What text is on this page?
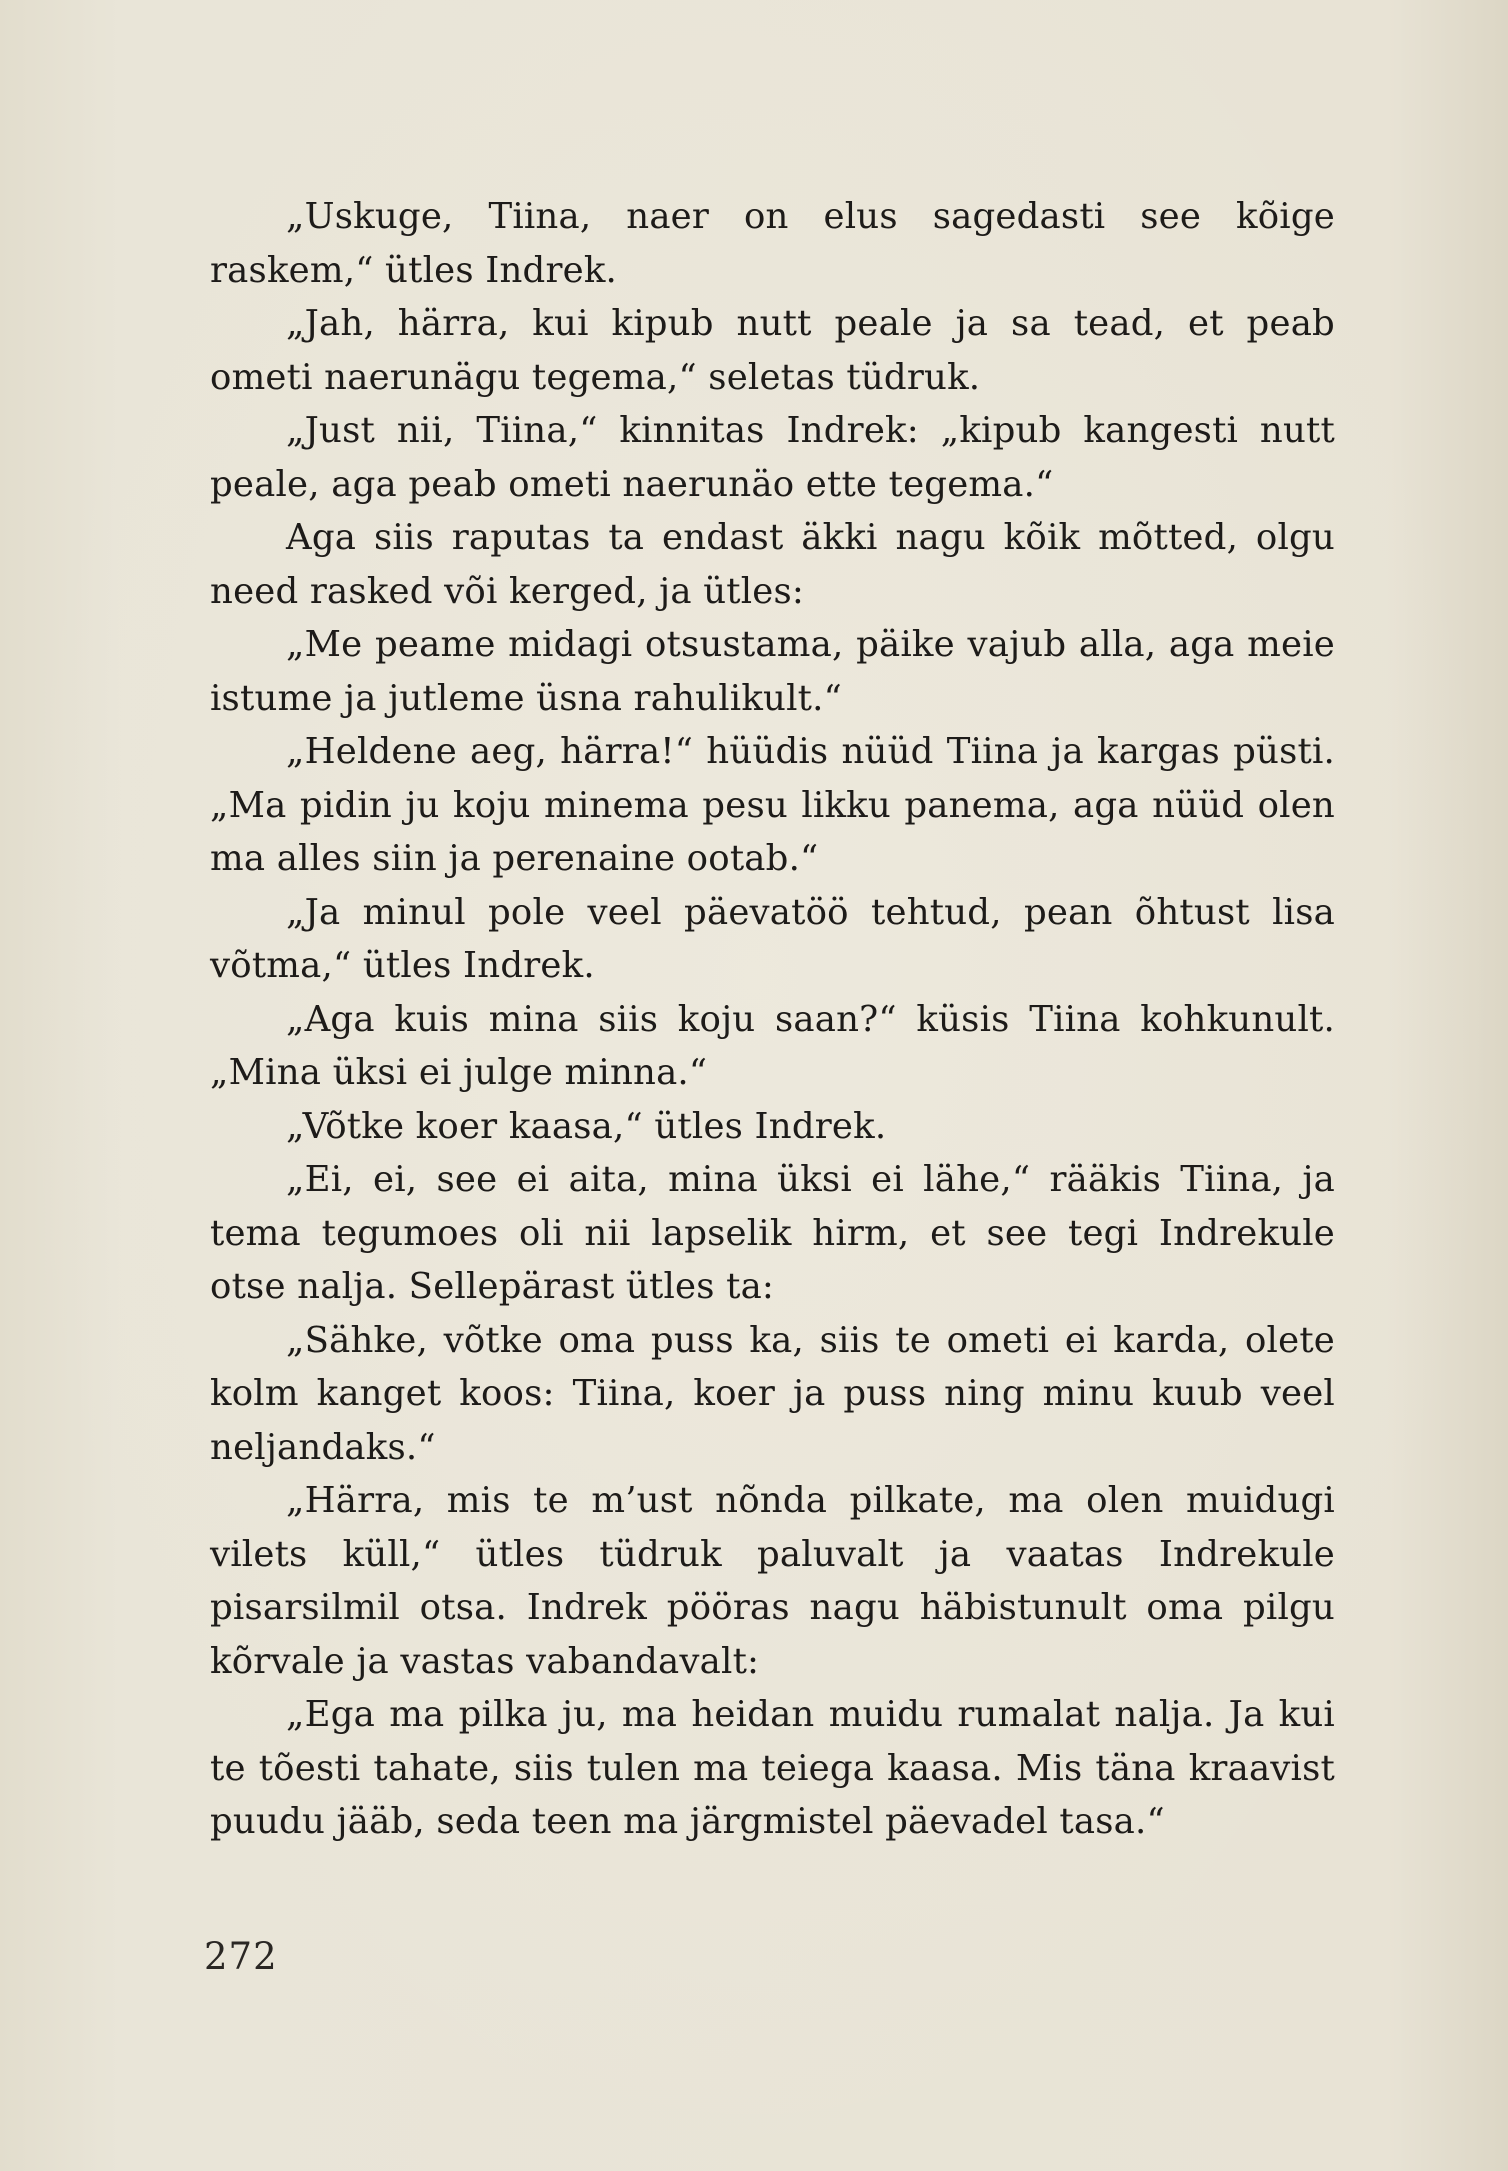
„Uskuge, Tiina, naer on elus sagedasti see kõige raskem,“ ütles Indrek.

„Jah, härra, kui kipub nutt peale ja sa tead, et peab ometi naerunägu tegema,“ seletas tüdruk.

„Just nii, Tiina,“ kinnitas Indrek: „kipub kangesti nutt peale, aga peab ometi naerunäo ette tegema.“

Aga siis raputas ta endast äkki nagu kõik mõtted, olgu need rasked või kerged, ja ütles:

„Me peame midagi otsustama, päike vajub alla, aga meie istume ja jutleme üsna rahulikult.“

„Heldene aeg, härra!“ hüüdis nüüd Tiina ja kargas püsti. „Ma pidin ju koju minema pesu likku panema, aga nüüd olen ma alles siin ja perenaine ootab.“

„Ja minul pole veel päevatöö tehtud, pean õhtust lisa võtma,“ ütles Indrek.

„Aga kuis mina siis koju saan?“ küsis Tiina kohkunult. „Mina üksi ei julge minna.“

„Võtke koer kaasa,“ ütles Indrek.

„Ei, ei, see ei aita, mina üksi ei lähe,“ rääkis Tiina, ja tema tegumoes oli nii lapselik hirm, et see tegi Indrekule otse nalja. Sellepärast ütles ta:

„Sähke, võtke oma puss ka, siis te ometi ei karda, olete kolm kanget koos: Tiina, koer ja puss ning minu kuub veel neljandaks.“

„Härra, mis te m’ust nõnda pilkate, ma olen muidugi vilets küll,“ ütles tüdruk paluvalt ja vaatas Indrekule pisarsilmil otsa. Indrek pööras nagu häbistunult oma pilgu kõrvale ja vastas vabandavalt:

„Ega ma pilka ju, ma heidan muidu rumalat nalja. Ja kui te tõesti tahate, siis tulen ma teiega kaasa. Mis täna kraavist puudu jääb, seda teen ma järgmistel päevadel tasa.“

272
